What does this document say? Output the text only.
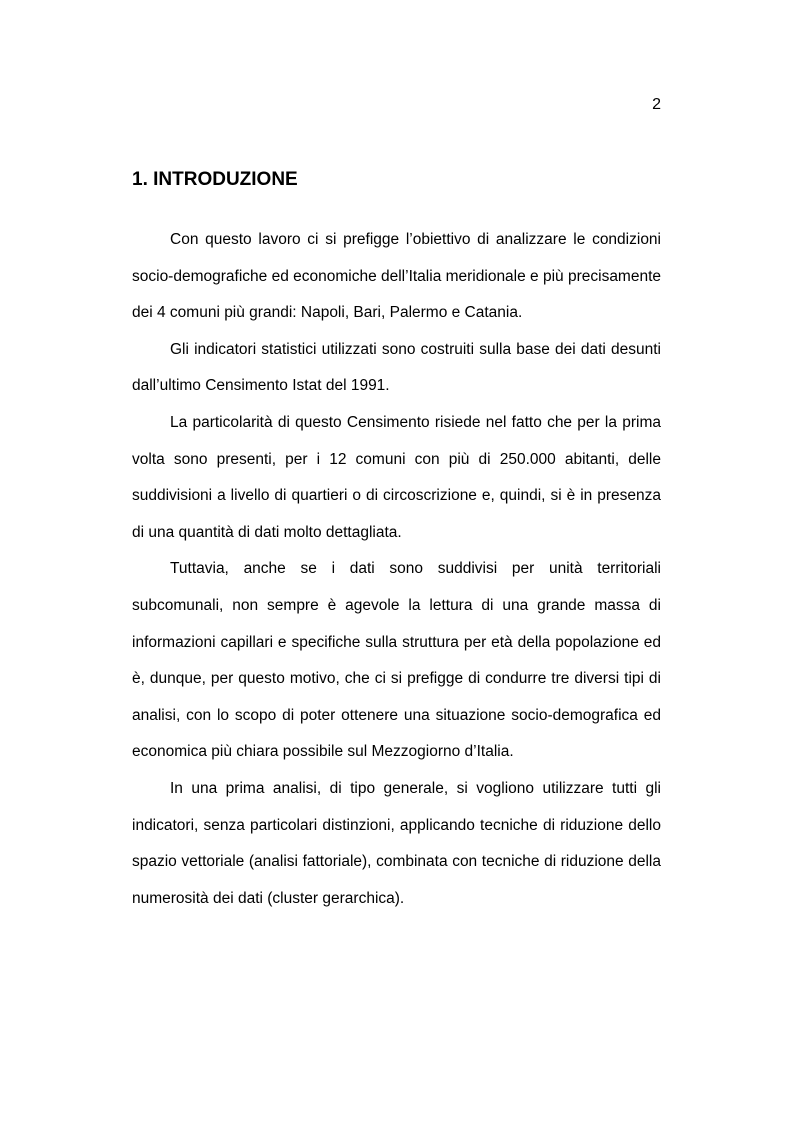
2
1. INTRODUZIONE

Con questo lavoro ci si prefigge l’obiettivo di analizzare le condizioni socio-demografiche ed economiche dell’Italia meridionale e più precisamente dei 4 comuni più grandi: Napoli, Bari, Palermo e Catania.

Gli indicatori statistici utilizzati sono costruiti sulla base dei dati desunti dall’ultimo Censimento Istat del 1991.

La particolarità di questo Censimento risiede nel fatto che per la prima volta sono presenti, per i 12 comuni con più di 250.000 abitanti, delle suddivisioni a livello di quartieri o di circoscrizione e, quindi, si è in presenza di una quantità di dati molto dettagliata.

Tuttavia, anche se i dati sono suddivisi per unità territoriali subcomunali, non sempre è agevole la lettura di una grande massa di informazioni capillari e specifiche sulla struttura per età della popolazione ed è, dunque, per questo motivo, che ci si prefigge di condurre tre diversi tipi di analisi, con lo scopo di poter ottenere una situazione socio-demografica ed economica più chiara possibile sul Mezzogiorno d’Italia.

In una prima analisi, di tipo generale, si vogliono utilizzare tutti gli indicatori, senza particolari distinzioni, applicando tecniche di riduzione dello spazio vettoriale (analisi fattoriale), combinata con tecniche di riduzione della numerosità dei dati (cluster gerarchica).
